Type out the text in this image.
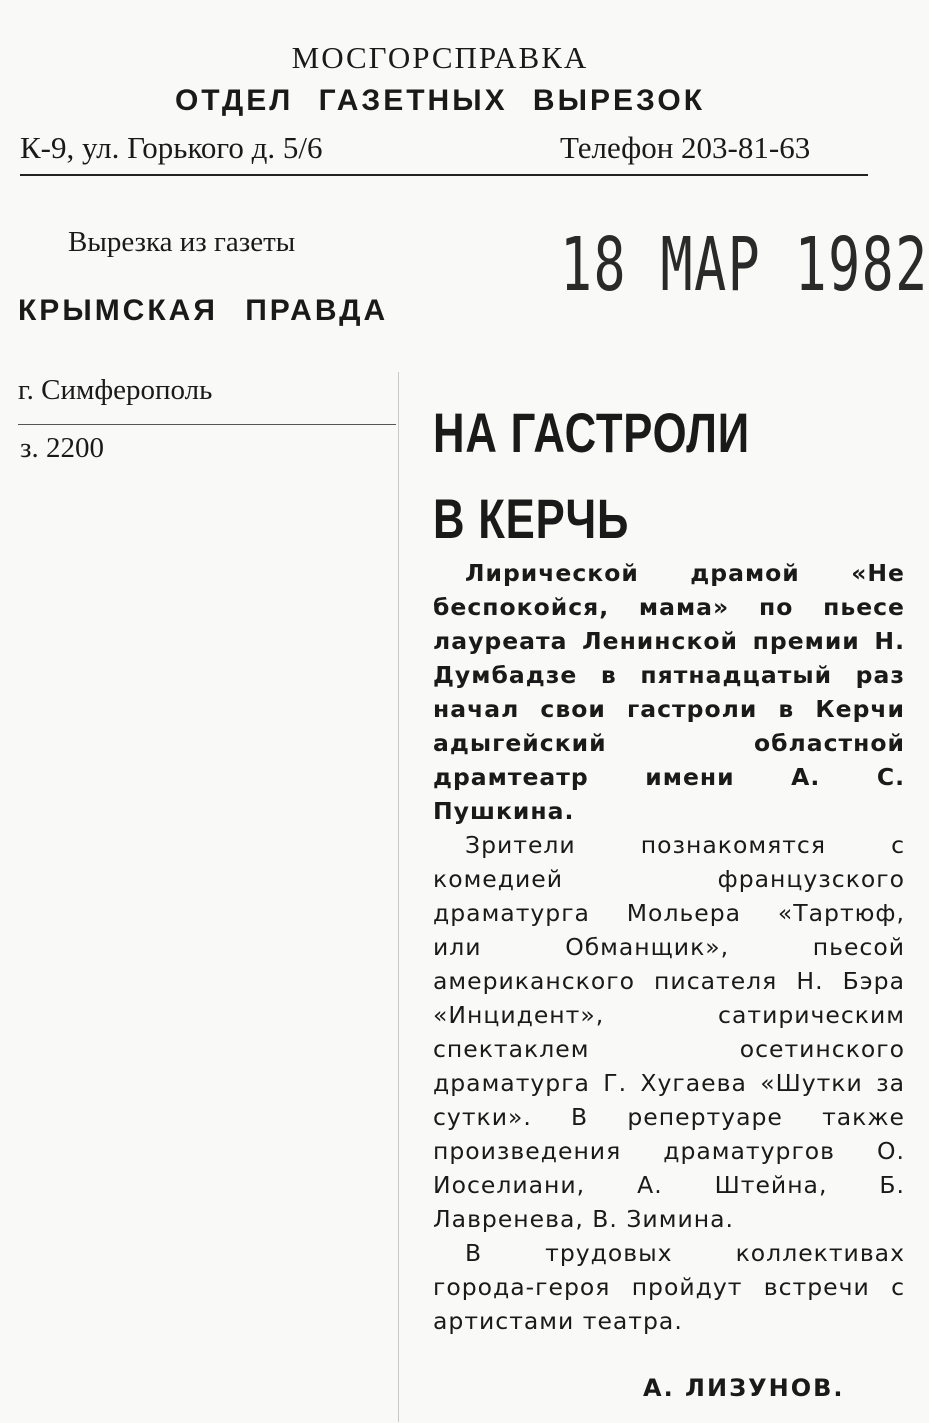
МОСГОРСПРАВКА
ОТДЕЛ ГАЗЕТНЫХ ВЫРЕЗОК
К-9, ул. Горького д. 5/6	Телефон 203-81-63
Вырезка из газеты
КРЫМСКАЯ ПРАВДА
г. Симферополь
з. 2200
18 МАР 1982
НА ГАСТРОЛИ
В КЕРЧЬ

Лирической драмой «Не беспокойся, мама» по пьесе лауреата Ленинской премии Н. Думбадзе в пятнадцатый раз начал свои гастроли в Керчи адыгейский областной драмтеатр имени А. С. Пушкина.

Зрители познакомятся с комедией французского драматурга Мольера «Тартюф, или Обманщик», пьесой американского писателя Н. Бэра «Инцидент», сатирическим спектаклем осетинского драматурга Г. Хугаева «Шутки за сутки». В репертуаре также произведения драматургов О. Иоселиани, А. Штейна, Б. Лавренева, В. Зимина.

В трудовых коллективах города-героя пройдут встречи с артистами театра.

А. ЛИЗУНОВ.
